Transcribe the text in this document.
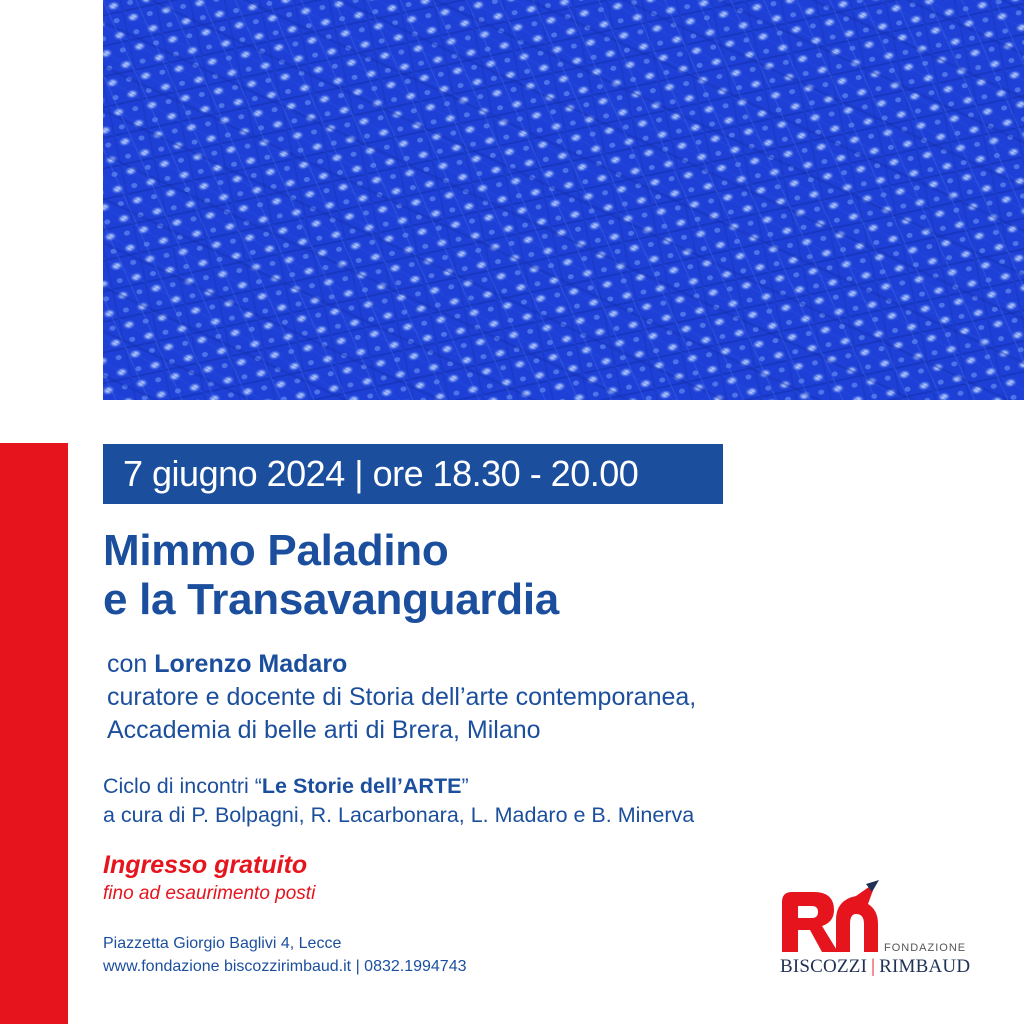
7 giugno 2024 | ore 18.30 - 20.00
Mimmo Paladino
e la Transavanguardia
con Lorenzo Madaro
curatore e docente di Storia dell’arte contemporanea,
Accademia di belle arti di Brera, Milano
Ciclo di incontri “Le Storie dell’ARTE”
a cura di P. Bolpagni, R. Lacarbonara, L. Madaro e B. Minerva
Ingresso gratuito
fino ad esaurimento posti
Piazzetta Giorgio Baglivi 4, Lecce
www.fondazione biscozzirimbaud.it | 0832.1994743
FONDAZIONE
BISCOZZI | RIMBAUD
